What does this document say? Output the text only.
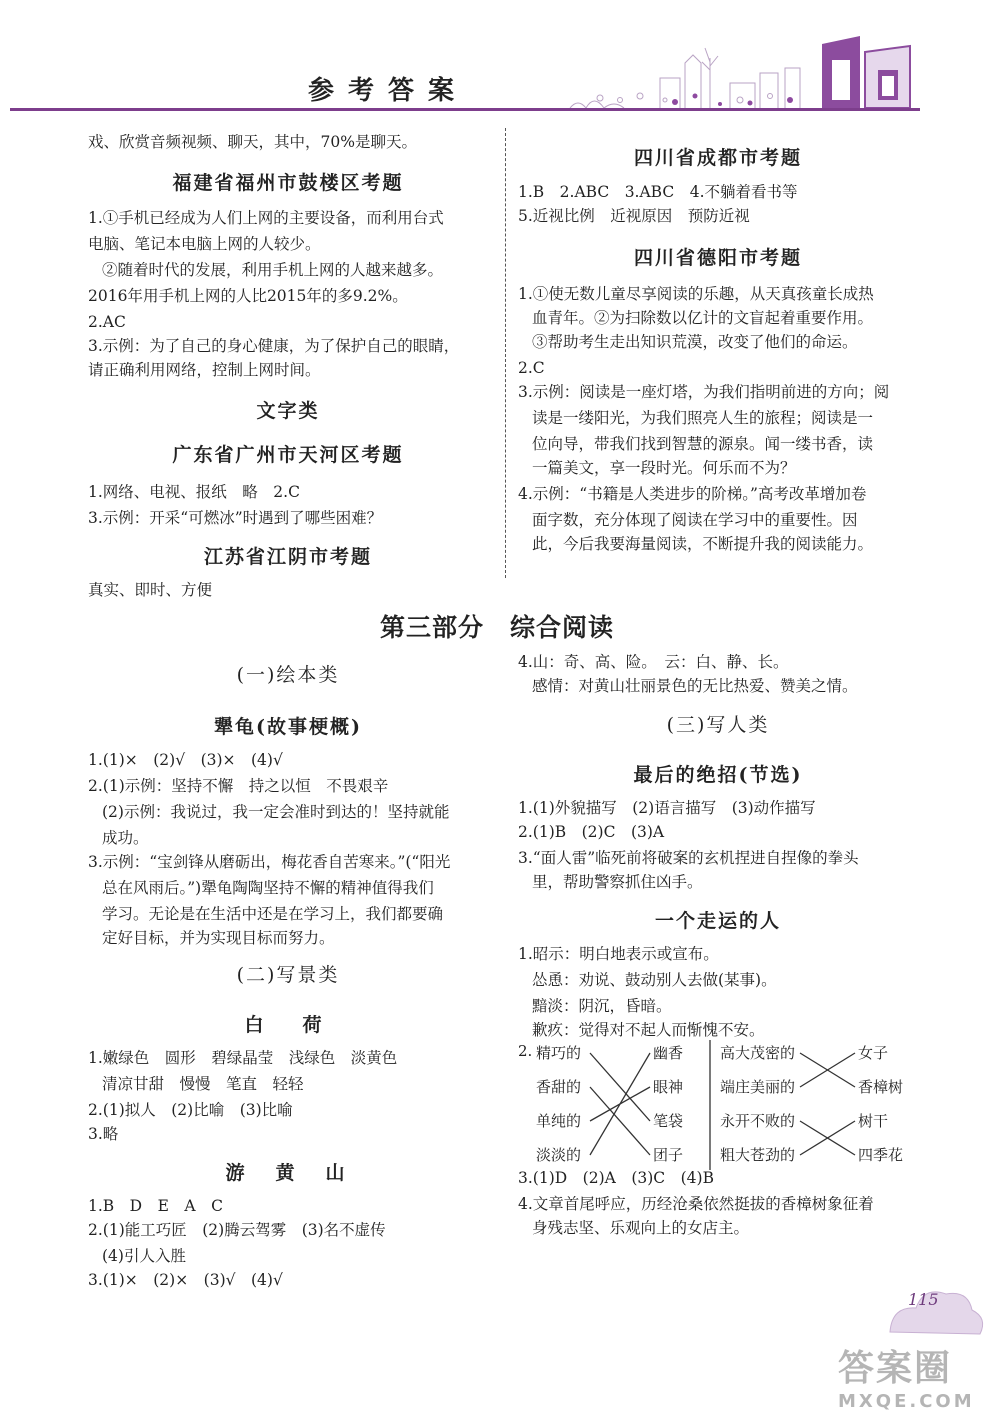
参考答案
戏、欣赏音频视频、聊天，其中，70%是聊天。
福建省福州市鼓楼区考题
1.①手机已经成为人们上网的主要设备，而利用台式
电脑、笔记本电脑上网的人较少。
②随着时代的发展，利用手机上网的人越来越多。
2016年用手机上网的人比2015年的多9.2%。
2.AC
3.示例：为了自己的身心健康，为了保护自己的眼睛，
请正确利用网络，控制上网时间。
文字类
广东省广州市天河区考题
1.网络、电视、报纸　略　2.C
3.示例：开采“可燃冰”时遇到了哪些困难？
江苏省江阴市考题
真实、即时、方便
四川省成都市考题
1.B　2.ABC　3.ABC　4.不躺着看书等
5.近视比例　近视原因　预防近视
四川省德阳市考题
1.①使无数儿童尽享阅读的乐趣，从天真孩童长成热
血青年。②为扫除数以亿计的文盲起着重要作用。
③帮助考生走出知识荒漠，改变了他们的命运。
2.C
3.示例：阅读是一座灯塔，为我们指明前进的方向；阅
读是一缕阳光，为我们照亮人生的旅程；阅读是一
位向导，带我们找到智慧的源泉。闻一缕书香，读
一篇美文，享一段时光。何乐而不为？
4.示例：“书籍是人类进步的阶梯。”高考改革增加卷
面字数，充分体现了阅读在学习中的重要性。因
此，今后我要海量阅读，不断提升我的阅读能力。
第三部分　综合阅读
(一)绘本类
犟龟(故事梗概)
1.(1)×　(2)√　(3)×　(4)√
2.(1)示例：坚持不懈　持之以恒　不畏艰辛
(2)示例：我说过，我一定会准时到达的！坚持就能
成功。
3.示例：“宝剑锋从磨砺出，梅花香自苦寒来。”(“阳光
总在风雨后。”)犟龟陶陶坚持不懈的精神值得我们
学习。无论是在生活中还是在学习上，我们都要确
定好目标，并为实现目标而努力。
(二)写景类
白　荷
1.嫩绿色　圆形　碧绿晶莹　浅绿色　淡黄色
清凉甘甜　慢慢　笔直　轻轻
2.(1)拟人　(2)比喻　(3)比喻
3.略
游　黄　山
1.B　D　E　A　C
2.(1)能工巧匠　(2)腾云驾雾　(3)名不虚传
(4)引人入胜
3.(1)×　(2)×　(3)√　(4)√
4.山：奇、高、险。　云：白、静、长。
感情：对黄山壮丽景色的无比热爱、赞美之情。
(三)写人类
最后的绝招(节选)
1.(1)外貌描写　(2)语言描写　(3)动作描写
2.(1)B　(2)C　(3)A
3.“面人雷”临死前将破案的玄机捏进自捏像的拳头
里，帮助警察抓住凶手。
一个走运的人
1.昭示：明白地表示或宣布。
怂恿：劝说、鼓动别人去做(某事)。
黯淡：阴沉，昏暗。
歉疚：觉得对不起人而惭愧不安。
2. 精巧的
香甜的
单纯的
淡淡的
幽香
眼神
笔袋
团子
高大茂密的
端庄美丽的
永开不败的
粗大苍劲的
女子
香樟树
树干
四季花
3.(1)D　(2)A　(3)C　(4)B
4.文章首尾呼应，历经沧桑依然挺拔的香樟树象征着
身残志坚、乐观向上的女店主。
115
答案圈
MXQE.COM
